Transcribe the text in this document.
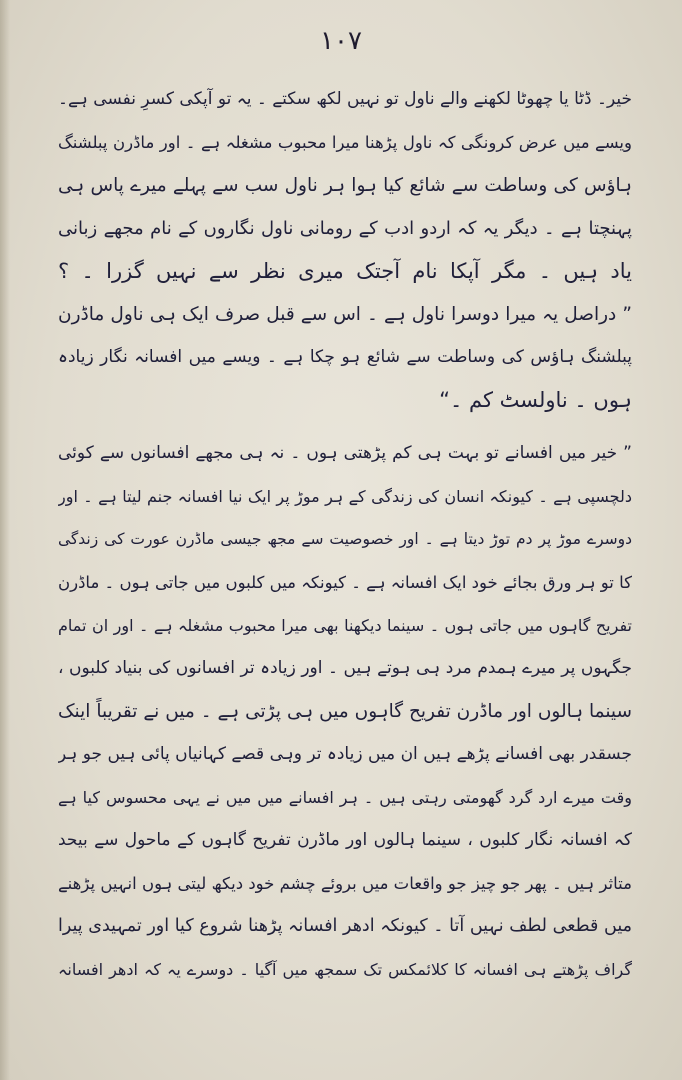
۱۰۷
خیر۔ ڈٹا یا چھوٹا لکھنے والے ناول تو نہیں لکھ سکتے ۔ یہ تو آپکی کسرِ نفسی ہے۔
ویسے میں عرض کرونگی کہ ناول پڑھنا میرا محبوب مشغلہ ہے ۔ اور ماڈرن پبلشنگ
ہاؤس کی وساطت سے شائع کیا ہوا ہر ناول سب سے پہلے میرے پاس ہی
پہنچتا ہے ۔ دیگر یہ کہ اردو ادب کے رومانی ناول نگاروں کے نام مجھے زبانی
یاد ہیں ۔ مگر آپکا نام آجتک میری نظر سے نہیں گزرا ۔ ؟
” دراصل یہ میرا دوسرا ناول ہے ۔ اس سے قبل صرف ایک ہی ناول ماڈرن
پبلشنگ ہاؤس کی وساطت سے شائع ہو چکا ہے ۔ ویسے میں افسانہ نگار زیادہ
ہوں ۔ ناولسٹ کم ۔“
” خیر میں افسانے تو بہت ہی کم پڑھتی ہوں ۔ نہ ہی مجھے افسانوں سے کوئی
دلچسپی ہے ۔ کیونکہ انسان کی زندگی کے ہر موڑ پر ایک نیا افسانہ جنم لیتا ہے ۔ اور
دوسرے موڑ پر دم توڑ دیتا ہے ۔ اور خصوصیت سے مجھ جیسی ماڈرن عورت کی زندگی
کا تو ہر ورق بجائے خود ایک افسانہ ہے ۔ کیونکہ میں کلبوں میں جاتی ہوں ۔ ماڈرن
تفریح گاہوں میں جاتی ہوں ۔ سینما دیکھنا بھی میرا محبوب مشغلہ ہے ۔ اور ان تمام
جگہوں پر میرے ہمدم مرد ہی ہوتے ہیں ۔ اور زیادہ تر افسانوں کی بنیاد کلبوں ،
سینما ہالوں اور ماڈرن تفریح گاہوں میں ہی پڑتی ہے ۔ میں نے تقریباً اینک
جسقدر بھی افسانے پڑھے ہیں ان میں زیادہ تر وہی قصے کہانیاں پائی ہیں جو ہر
وقت میرے ارد گرد گھومتی رہتی ہیں ۔ ہر افسانے میں میں نے یہی محسوس کیا ہے
کہ افسانہ نگار کلبوں ، سینما ہالوں اور ماڈرن تفریح گاہوں کے ماحول سے بیحد
متاثر ہیں ۔ پھر جو چیز جو واقعات میں بروئے چشم خود دیکھ لیتی ہوں انہیں پڑھنے
میں قطعی لطف نہیں آتا ۔ کیونکہ ادھر افسانہ پڑھنا شروع کیا اور تمہیدی پیرا
گراف پڑھتے ہی افسانہ کا کلائمکس تک سمجھ میں آگیا ۔ دوسرے یہ کہ ادھر افسانہ
